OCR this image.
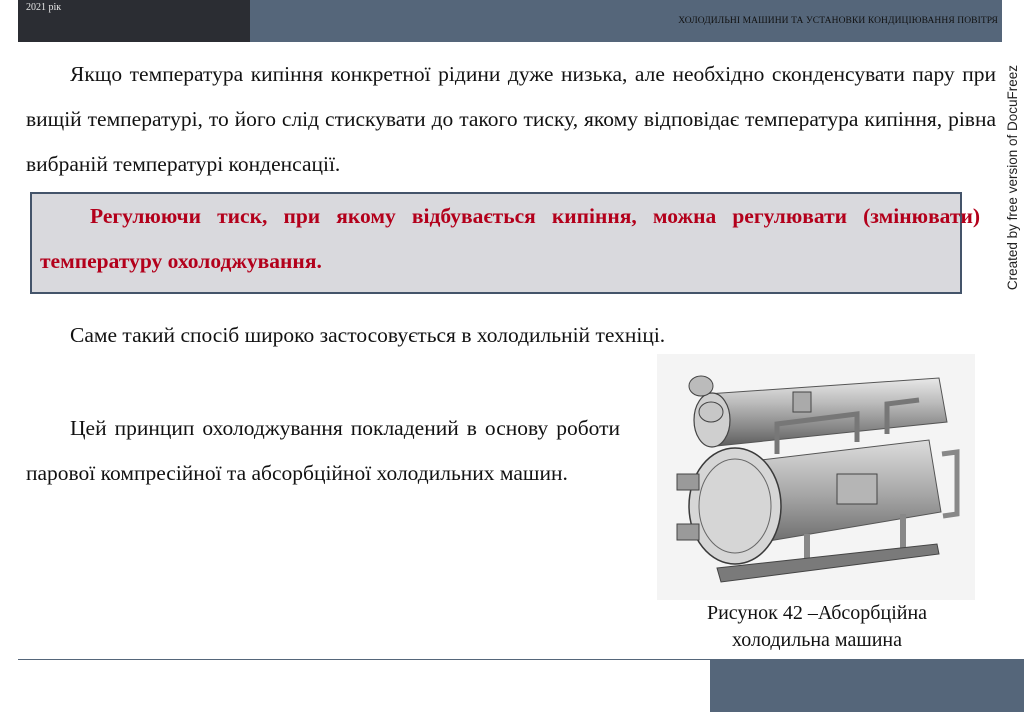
2021 рік
ХОЛОДИЛЬНІ МАШИНИ ТА УСТАНОВКИ КОНДИЦІЮВАННЯ ПОВІТРЯ
Created by free version of DocuFreez

Якщо температура кипіння конкретної рідини дуже низька, але необхідно сконденсувати пару при вищій температурі, то його слід стискувати до такого тиску, якому відповідає температура кипіння, рівна вибраній температурі конденсації.

Регулюючи тиск, при якому відбувається кипіння, можна регулювати (змінювати) температуру охолоджування.

Саме такий спосіб широко застосовується в холодильній техніці.

Цей принцип охолоджування покладений в основу роботи парової компресійної та абсорбційної холодильних машин.

Рисунок 42 –Абсорбційна холодильна машина
